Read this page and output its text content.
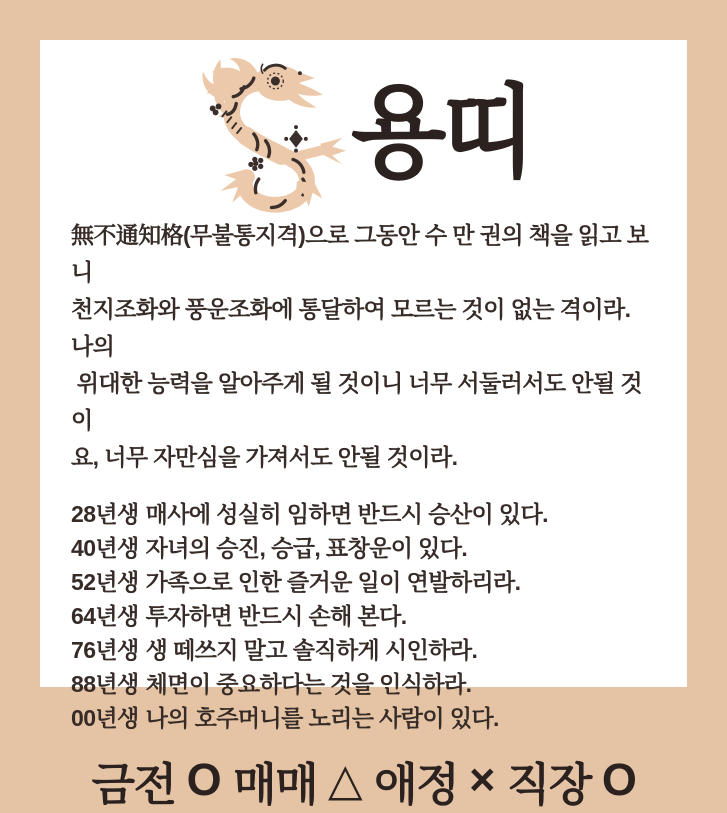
용띠
無不通知格(무불통지격)으로 그동안 수 만 권의 책을 읽고 보니
천지조화와 풍운조화에 통달하여 모르는 것이 없는 격이라. 나의
위대한 능력을 알아주게 될 것이니 너무 서둘러서도 안될 것이
요, 너무 자만심을 가져서도 안될 것이라.
28년생 매사에 성실히 임하면 반드시 승산이 있다.
40년생 자녀의 승진, 승급, 표창운이 있다.
52년생 가족으로 인한 즐거운 일이 연발하리라.
64년생 투자하면 반드시 손해 본다.
76년생 생 떼쓰지 말고 솔직하게 시인하라.
88년생 체면이 중요하다는 것을 인식하라.
00년생 나의 호주머니를 노리는 사람이 있다.
금전 O 매매 △ 애정 × 직장 O
